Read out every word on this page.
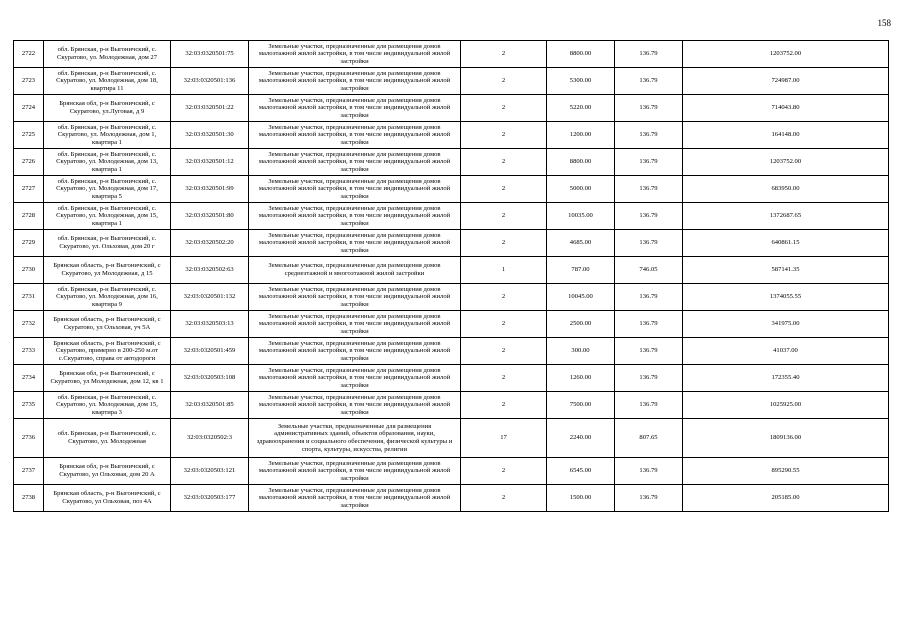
158
2722	обл. Брянская, р-н Выгоничский, с. Скуратово, ул. Молодежная, дом 27	32:03:0320501:75	Земельные участки, предназначенные для размещения домов малоэтажной жилой застройки, в том числе индивидуальной жилой застройки	2	8800.00	136.79	1203752.00
2723	обл. Брянская, р-н Выгоничский, с. Скуратово, ул. Молодежная, дом 18, квартира 11	32:03:0320501:136	Земельные участки, предназначенные для размещения домов малоэтажной жилой застройки, в том числе индивидуальной жилой застройки	2	5300.00	136.79	724987.00
2724	Брянская обл, р-н Выгоничский, с Скуратово, ул.Луговая, д 9	32:03:0320501:22	Земельные участки, предназначенные для размещения домов малоэтажной жилой застройки, в том числе индивидуальной жилой застройки	2	5220.00	136.79	714043.80
2725	обл. Брянская, р-н Выгоничский, с. Скуратово, ул. Молодежная, дом 1, квартира 1	32:03:0320501:30	Земельные участки, предназначенные для размещения домов малоэтажной жилой застройки, в том числе индивидуальной жилой застройки	2	1200.00	136.79	164148.00
2726	обл. Брянская, р-н Выгоничский, с. Скуратово, ул. Молодежная, дом 13, квартира 1	32:03:0320501:12	Земельные участки, предназначенные для размещения домов малоэтажной жилой застройки, в том числе индивидуальной жилой застройки	2	8800.00	136.79	1203752.00
2727	обл. Брянская, р-н Выгоничский, с. Скуратово, ул. Молодежная, дом 17, квартира 5	32:03:0320501:99	Земельные участки, предназначенные для размещения домов малоэтажной жилой застройки, в том числе индивидуальной жилой застройки	2	5000.00	136.79	683950.00
2728	обл. Брянская, р-н Выгоничский, с. Скуратово, ул. Молодежная, дом 15, квартира 1	32:03:0320501:80	Земельные участки, предназначенные для размещения домов малоэтажной жилой застройки, в том числе индивидуальной жилой застройки	2	10035.00	136.79	1372687.65
2729	обл. Брянская, р-н Выгоничский, с. Скуратово, ул. Ольховая, дом 20 г	32:03:0320502:20	Земельные участки, предназначенные для размещения домов малоэтажной жилой застройки, в том числе индивидуальной жилой застройки	2	4685.00	136.79	640861.15
2730	Брянская область, р-н Выгоничский, с Скуратово, ул Молодежная, д 15	32:03:0320502:63	Земельные участки, предназначенные для размещения домов среднеэтажной и многоэтажной жилой застройки	1	787.00	746.05	587141.35
2731	обл. Брянская, р-н Выгоничский, с. Скуратово, ул. Молодежная, дом 16, квартира 9	32:03:0320501:132	Земельные участки, предназначенные для размещения домов малоэтажной жилой застройки, в том числе индивидуальной жилой застройки	2	10045.00	136.79	1374055.55
2732	Брянская область, р-н Выгоничский, с Скуратово, ул Ольховая, уч 5А	32:03:0320503:13	Земельные участки, предназначенные для размещения домов малоэтажной жилой застройки, в том числе индивидуальной жилой застройки	2	2500.00	136.79	341975.00
2733	Брянская область, р-н Выгоничский, с Скуратово, примерно в 200-250 м.от с.Скуратово, справа от автодороги	32:03:0320501:459	Земельные участки, предназначенные для размещения домов малоэтажной жилой застройки, в том числе индивидуальной жилой застройки	2	300.00	136.79	41037.00
2734	Брянская обл, р-н Выгоничский, с Скуратово, ул Молодежная, дом 12, кв 1	32:03:0320503:108	Земельные участки, предназначенные для размещения домов малоэтажной жилой застройки, в том числе индивидуальной жилой застройки	2	1260.00	136.79	172355.40
2735	обл. Брянская, р-н Выгоничский, с. Скуратово, ул. Молодежная, дом 15, квартира 3	32:03:0320501:85	Земельные участки, предназначенные для размещения домов малоэтажной жилой застройки, в том числе индивидуальной жилой застройки	2	7500.00	136.79	1025925.00
2736	обл. Брянская, р-н Выгоничский, с. Скуратово, ул. Молодежная	32:03:0320502:3	Земельные участки, предназначенные для размещения административных зданий, объектов образования, науки, здравоохранения и социального обеспечения, физической культуры и спорта, культуры, искусства, религии	17	2240.00	807.65	1809136.00
2737	Брянская обл, р-н Выгоничский, с Скуратово, ул Ольховая, дом 20 А	32:03:0320503:121	Земельные участки, предназначенные для размещения домов малоэтажной жилой застройки, в том числе индивидуальной жилой застройки	2	6545.00	136.79	895290.55
2738	Брянская область, р-н Выгоничский, с Скуратово, ул Ольховая, поз 4А	32:03:0320503:177	Земельные участки, предназначенные для размещения домов малоэтажной жилой застройки, в том числе индивидуальной жилой застройки	2	1500.00	136.79	205185.00
